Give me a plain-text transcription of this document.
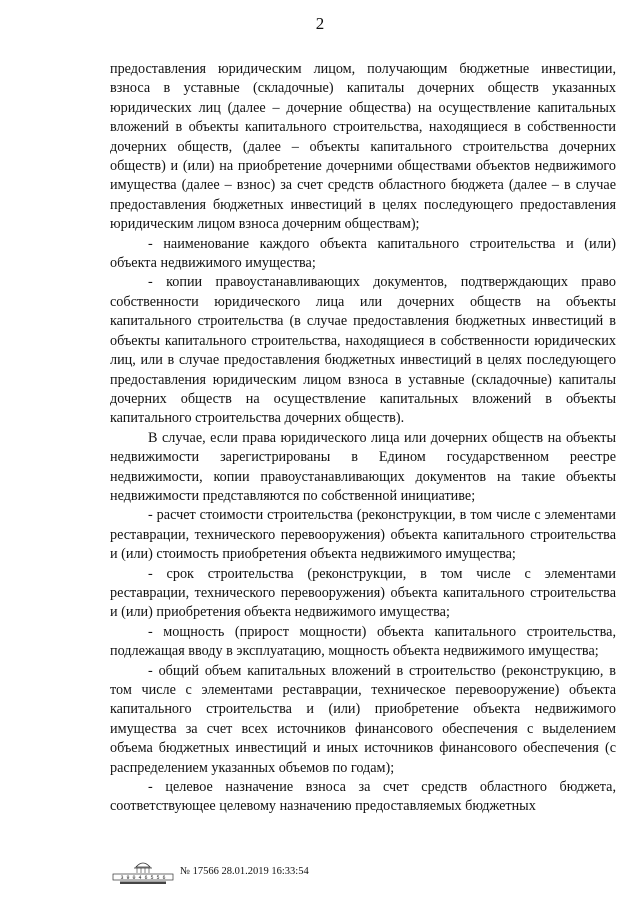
2

предоставления юридическим лицом, получающим бюджетные инвестиции, взноса в уставные (складочные) капиталы дочерних обществ указанных юридических лиц (далее – дочерние общества) на осуществление капитальных вложений в объекты капитального строительства, находящиеся в собственности дочерних обществ, (далее – объекты капитального строительства дочерних обществ) и (или) на приобретение дочерними обществами объектов недвижимого имущества (далее – взнос) за счет средств областного бюджета (далее – в случае предоставления бюджетных инвестиций в целях последующего предоставления юридическим лицом взноса дочерним обществам);

- наименование каждого объекта капитального строительства и (или) объекта недвижимого имущества;

- копии правоустанавливающих документов, подтверждающих право собственности юридического лица или дочерних обществ на объекты капитального строительства (в случае предоставления бюджетных инвестиций в объекты капитального строительства, находящиеся в собственности юридических лиц, или в случае предоставления бюджетных инвестиций в целях последующего предоставления юридическим лицом взноса в уставные (складочные) капиталы дочерних обществ на осуществление капитальных вложений в объекты капитального строительства дочерних обществ).

В случае, если права юридического лица или дочерних обществ на объекты недвижимости зарегистрированы в Едином государственном реестре недвижимости, копии правоустанавливающих документов на такие объекты недвижимости представляются по собственной инициативе;

- расчет стоимости строительства (реконструкции, в том числе с элементами реставрации, технического перевооружения) объекта капитального строительства и (или) стоимость приобретения объекта недвижимого имущества;

- срок строительства (реконструкции, в том числе с элементами реставрации, технического перевооружения) объекта капитального строительства и (или) приобретения объекта недвижимого имущества;

- мощность (прирост мощности) объекта капитального строительства, подлежащая вводу в эксплуатацию, мощность объекта недвижимого имущества;

- общий объем капитальных вложений в строительство (реконструкцию, в том числе с элементами реставрации, техническое перевооружение) объекта капитального строительства и (или) приобретение объекта недвижимого имущества за счет всех источников финансового обеспечения с выделением объема бюджетных инвестиций и иных источников финансового обеспечения (с распределением указанных объемов по годам);

- целевое назначение взноса за счет средств областного бюджета, соответствующее целевому назначению предоставляемых бюджетных

3 9 0 4 6 5 5 6
№ 17566 28.01.2019 16:33:54
